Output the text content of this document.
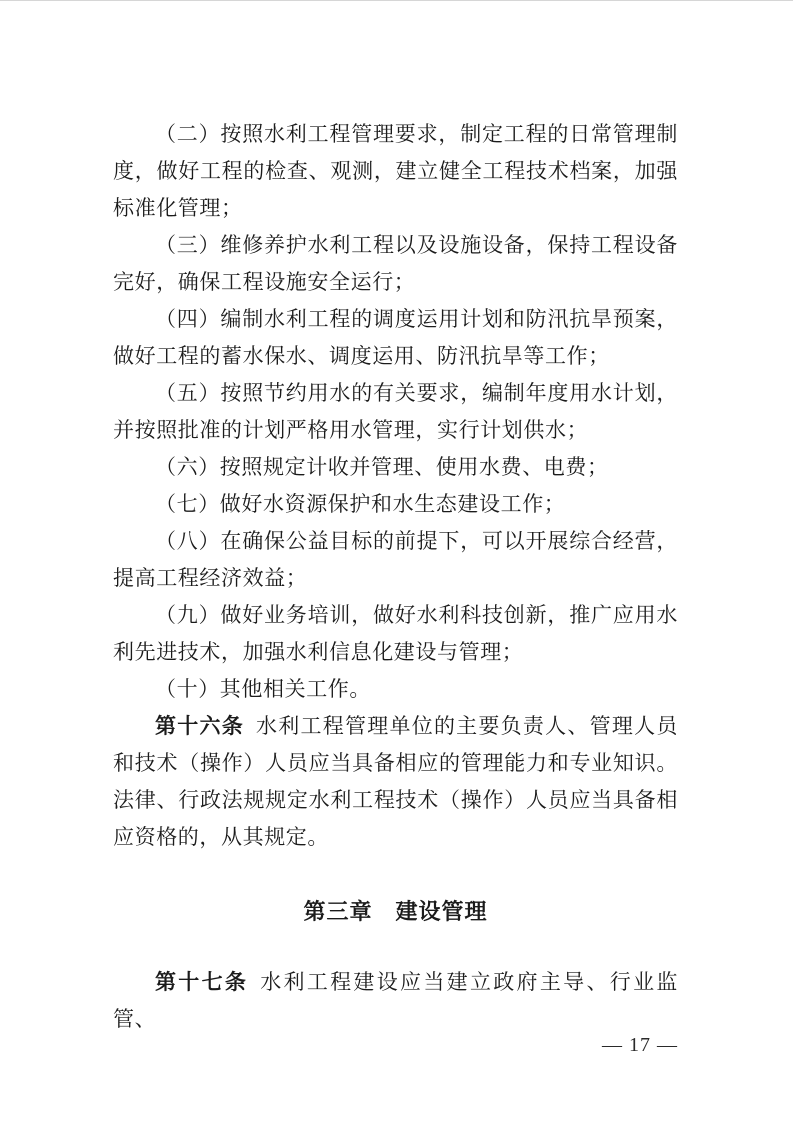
（二）按照水利工程管理要求，制定工程的日常管理制度，做好工程的检查、观测，建立健全工程技术档案，加强标准化管理；

（三）维修养护水利工程以及设施设备，保持工程设备完好，确保工程设施安全运行；

（四）编制水利工程的调度运用计划和防汛抗旱预案，做好工程的蓄水保水、调度运用、防汛抗旱等工作；

（五）按照节约用水的有关要求，编制年度用水计划，并按照批准的计划严格用水管理，实行计划供水；

（六）按照规定计收并管理、使用水费、电费；

（七）做好水资源保护和水生态建设工作；

（八）在确保公益目标的前提下，可以开展综合经营，提高工程经济效益；

（九）做好业务培训，做好水利科技创新，推广应用水利先进技术，加强水利信息化建设与管理；

（十）其他相关工作。

第十六条 水利工程管理单位的主要负责人、管理人员和技术（操作）人员应当具备相应的管理能力和专业知识。法律、行政法规规定水利工程技术（操作）人员应当具备相应资格的，从其规定。

第三章　建设管理

第十七条 水利工程建设应当建立政府主导、行业监管、

— 17 —
